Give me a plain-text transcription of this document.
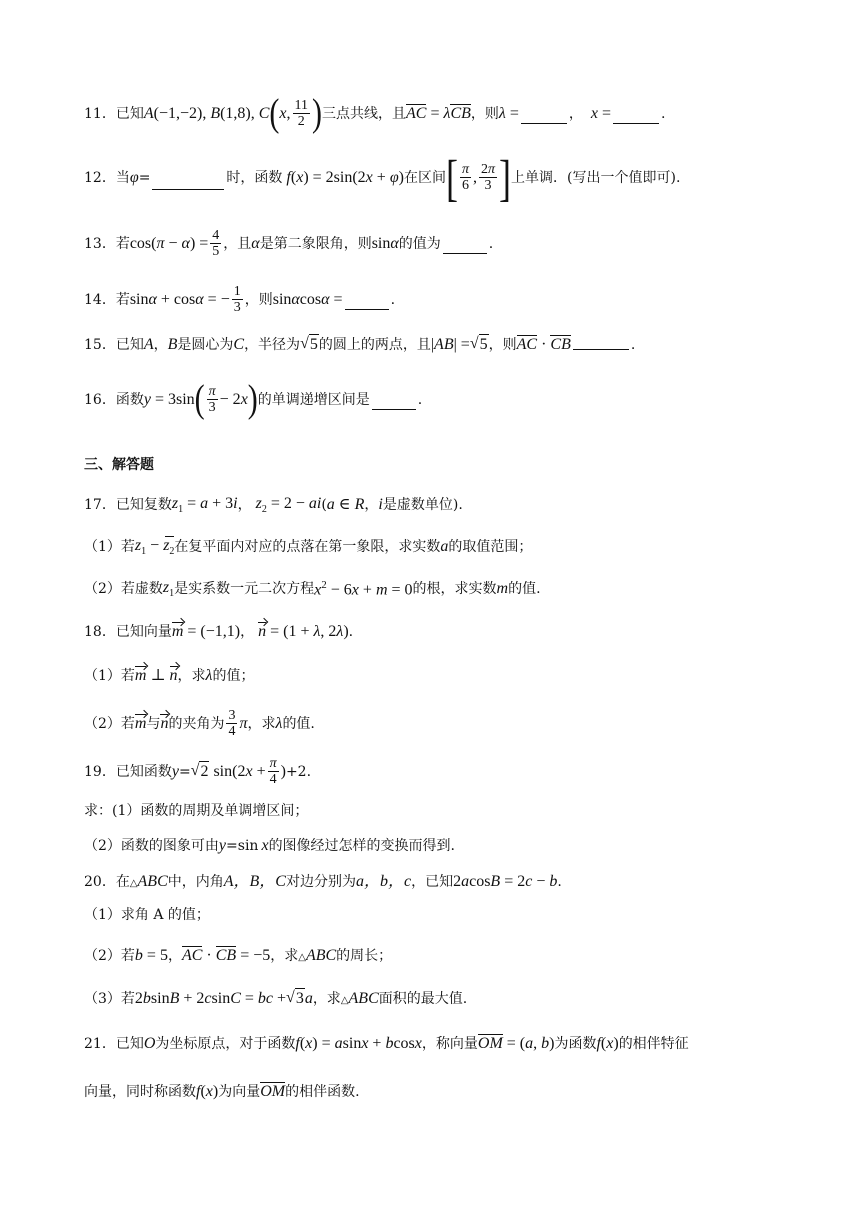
11． 已知 A(−1,−2), B(1,8), C ( x, $\frac{11}{2}$ ) 三点共线，且 AC = λCB ，则 λ =	， x =	.
12． 当 φ =	时，函数 f(x) = 2sin(2x + φ) 在区间 [ $\frac{\pi}{6}$ , $\frac{2\pi}{3}$ ] 上单调．(写出一个值即可).
13． 若 $\cos(\pi - \alpha) = \frac{4}{5}$ ，且 α 是第二象限角，则 sinα 的值为	.
14． 若 sinα + cosα = − $\frac{1}{3}$ ，则 sinαcosα =	.
15． 已知 A ， B 是圆心为 C ，半径为 √ 5 的圆上的两点，且 |AB| = √ 5 ，则 AC · CB	.
16． 函数 y = 3sin ( $\frac{\pi}{3} - 2x$ ) 的单调递增区间是	.
三、解答题
17． 已知复数 $z_1 = a + 3i$ ， $z_2 = 2$ − ai ( a ∈ R ， i 是虚数单位).
（1）若 $z_1 - z_2$ 在复平面内对应的点落在第一象限，求实数 a 的取值范围；
（2）若虚数 $z_1$ 是实系数一元二次方程 $x^2 - 6x + m = 0$ 的根，求实数 m 的值.
18． 已知向量 m = (−1,1) ， n = (1 + λ, 2λ) .
（1）若 m ⊥ n ，求 λ 的值；
（2）若 m 与 n 的夹角为 $\frac{3}{4}$ π ，求 λ 的值.
19． 已知函数 y = √ 2 $\sin(2x + \frac{\pi}{4}$ ) +2.
求：(1）函数的周期及单调增区间；
（2）函数的图象可由 y =sin x 的图像经过怎样的变换而得到.
20． 在 △ABC 中，内角 A，B，C 对边分别为 a，b，c ，已知 2acosB = 2c − b .
（1）求角 A 的值；
（2）若 b = 5 ， AC · CB = −5 ，求 △ABC 的周长；
（3）若 2bsinB + 2csinC = bc + √ 3 a ，求 △ABC 面积的最大值.
21． 已知 O 为坐标原点，对于函数 f(x) = asinx + bcosx ，称向量 OM = (a, b) 为函数 f(x) 的相伴特征
向量，同时称函数 f(x) 为向量 OM 的相伴函数.
